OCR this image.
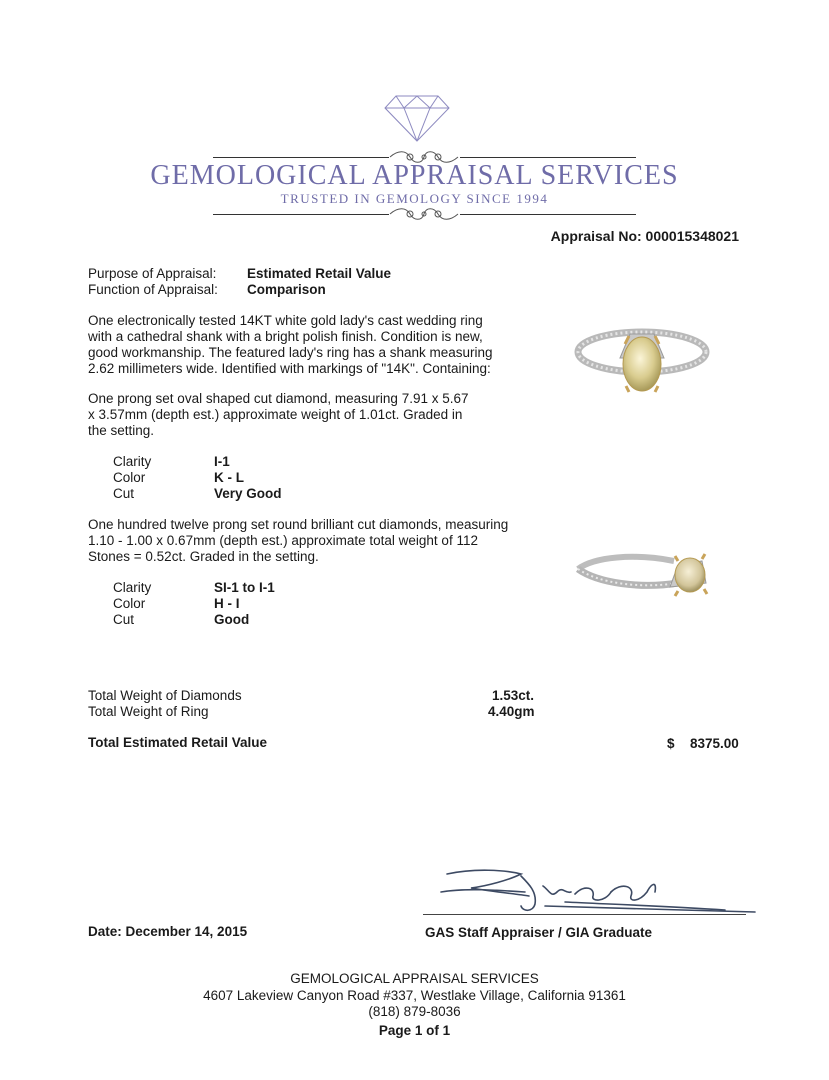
GEMOLOGICAL APPRAISAL SERVICES
TRUSTED IN GEMOLOGY SINCE 1994
Appraisal No: 000015348021
Purpose of Appraisal: Estimated Retail Value
Function of Appraisal: Comparison
One electronically tested 14KT white gold lady's cast wedding ring
with a cathedral shank with a bright polish finish. Condition is new,
good workmanship. The featured lady's ring has a shank measuring
2.62 millimeters wide. Identified with markings of "14K". Containing:
One prong set oval shaped cut diamond, measuring 7.91 x 5.67
x 3.57mm (depth est.) approximate weight of 1.01ct. Graded in
the setting.
Clarity	I-1
Color	K - L
Cut	Very Good
One hundred twelve prong set round brilliant cut diamonds, measuring
1.10 - 1.00 x 0.67mm (depth est.) approximate total weight of 112
Stones = 0.52ct. Graded in the setting.
Clarity	SI-1 to I-1
Color	H - I
Cut	Good
Total Weight of Diamonds	1.53ct.
Total Weight of Ring	4.40gm
Total Estimated Retail Value	$ 8375.00
Date: December 14, 2015	GAS Staff Appraiser / GIA Graduate
GEMOLOGICAL APPRAISAL SERVICES
4607 Lakeview Canyon Road #337, Westlake Village, California 91361
(818) 879-8036
Page 1 of 1
